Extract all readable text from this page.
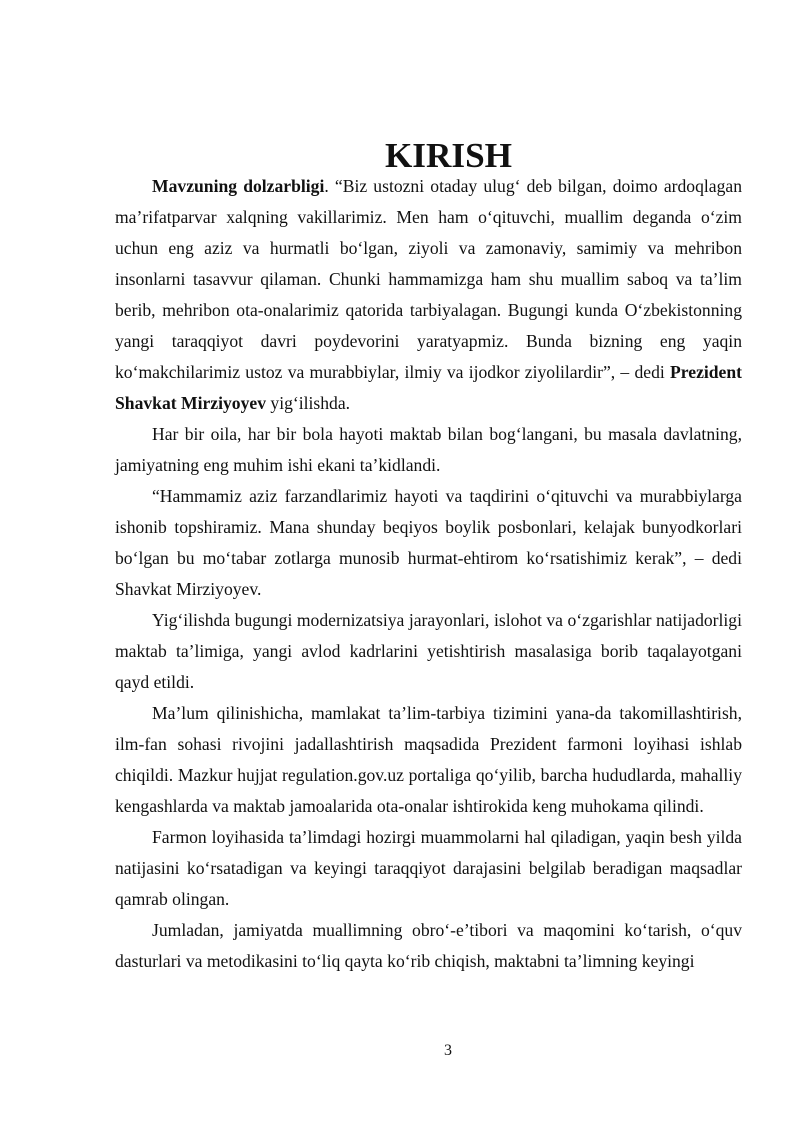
KIRISH

Mavzuning dolzarbligi. “Biz ustozni otaday ulug‘ deb bilgan, doimo ardoqlagan ma’rifatparvar xalqning vakillarimiz. Men ham o‘qituvchi, muallim deganda o‘zim uchun eng aziz va hurmatli bo‘lgan, ziyoli va zamonaviy, samimiy va mehribon insonlarni tasavvur qilaman. Chunki hammamizga ham shu muallim saboq va ta’lim berib, mehribon ota-onalarimiz qatorida tarbiyalagan. Bugungi kunda O‘zbekistonning yangi taraqqiyot davri poydevorini yaratyapmiz. Bunda bizning eng yaqin ko‘makchilarimiz ustoz va murabbiylar, ilmiy va ijodkor ziyolilardir”, – dedi Prezident Shavkat Mirziyoyev yig‘ilishda.

Har bir oila, har bir bola hayoti maktab bilan bog‘langani, bu masala davlatning, jamiyatning eng muhim ishi ekani ta’kidlandi.

“Hammamiz aziz farzandlarimiz hayoti va taqdirini o‘qituvchi va murabbiylarga ishonib topshiramiz. Mana shunday beqiyos boylik posbonlari, kelajak bunyodkorlari bo‘lgan bu mo‘tabar zotlarga munosib hurmat-ehtirom ko‘rsatishimiz kerak”, – dedi Shavkat Mirziyoyev.

Yig‘ilishda bugungi modernizatsiya jarayonlari, islohot va o‘zgarishlar natijadorligi maktab ta’limiga, yangi avlod kadrlarini yetishtirish masalasiga borib taqalayotgani qayd etildi.

Ma’lum qilinishicha, mamlakat ta’lim-tarbiya tizimini yana-da takomillashtirish, ilm-fan sohasi rivojini jadallashtirish maqsadida Prezident farmoni loyihasi ishlab chiqildi. Mazkur hujjat regulation.gov.uz portaliga qo‘yilib, barcha hududlarda, mahalliy kengashlarda va maktab jamoalarida ota-onalar ishtirokida keng muhokama qilindi.

Farmon loyihasida ta’limdagi hozirgi muammolarni hal qiladigan, yaqin besh yilda natijasini ko‘rsatadigan va keyingi taraqqiyot darajasini belgilab beradigan maqsadlar qamrab olingan.

Jumladan, jamiyatda muallimning obro‘-e’tibori va maqomini ko‘tarish, o‘quv dasturlari va metodikasini to‘liq qayta ko‘rib chiqish, maktabni ta’limning keyingi

3
